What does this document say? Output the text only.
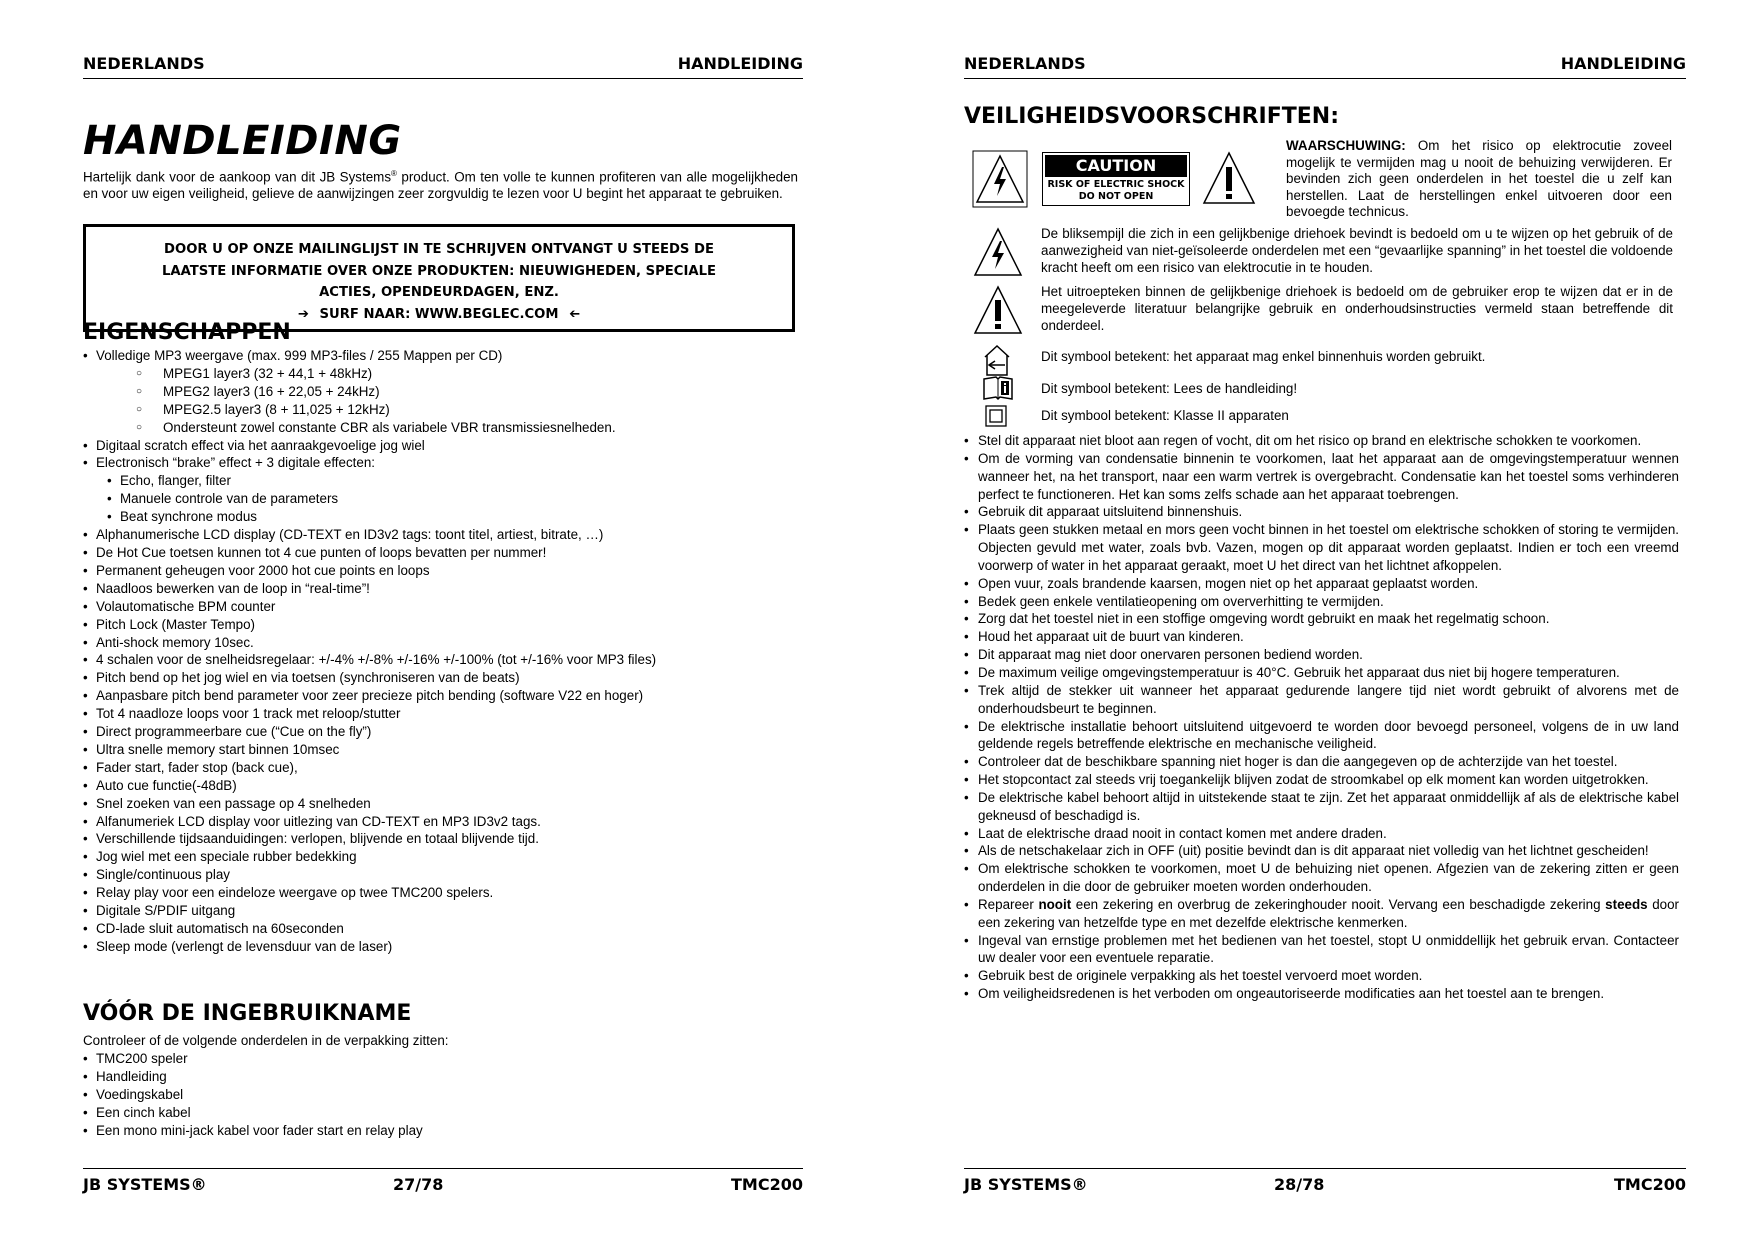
NEDERLANDS	HANDLEIDING
HANDLEIDING
Hartelijk dank voor de aankoop van dit JB Systems® product. Om ten volle te kunnen profiteren van alle mogelijkheden en voor uw eigen veiligheid, gelieve de aanwijzingen zeer zorgvuldig te lezen voor U begint het apparaat te gebruiken.
DOOR U OP ONZE MAILINGLIJST IN TE SCHRIJVEN ONTVANGT U STEEDS DE
LAATSTE INFORMATIE OVER ONZE PRODUKTEN: NIEUWIGHEDEN, SPECIALE
ACTIES, OPENDEURDAGEN, ENZ.
➔ SURF NAAR: WWW.BEGLEC.COM ➔
EIGENSCHAPPEN
• Volledige MP3 weergave (max. 999 MP3-files / 255 Mappen per CD)
○ MPEG1 layer3 (32 + 44,1 + 48kHz)
○ MPEG2 layer3 (16 + 22,05 + 24kHz)
○ MPEG2.5 layer3 (8 + 11,025 + 12kHz)
○ Ondersteunt zowel constante CBR als variabele VBR transmissiesnelheden.
• Digitaal scratch effect via het aanraakgevoelige jog wiel
• Electronisch “brake” effect + 3 digitale effecten:
• Echo, flanger, filter
• Manuele controle van de parameters
• Beat synchrone modus
• Alphanumerische LCD display (CD-TEXT en ID3v2 tags: toont titel, artiest, bitrate, …)
• De Hot Cue toetsen kunnen tot 4 cue punten of loops bevatten per nummer!
• Permanent geheugen voor 2000 hot cue points en loops
• Naadloos bewerken van de loop in “real-time”!
• Volautomatische BPM counter
• Pitch Lock (Master Tempo)
• Anti-shock memory 10sec.
• 4 schalen voor de snelheidsregelaar: +/-4% +/-8% +/-16% +/-100% (tot +/-16% voor MP3 files)
• Pitch bend op het jog wiel en via toetsen (synchroniseren van de beats)
• Aanpasbare pitch bend parameter voor zeer precieze pitch bending (software V22 en hoger)
• Tot 4 naadloze loops voor 1 track met reloop/stutter
• Direct programmeerbare cue (“Cue on the fly”)
• Ultra snelle memory start binnen 10msec
• Fader start, fader stop (back cue),
• Auto cue functie(-48dB)
• Snel zoeken van een passage op 4 snelheden
• Alfanumeriek LCD display voor uitlezing van CD-TEXT en MP3 ID3v2 tags.
• Verschillende tijdsaanduidingen: verlopen, blijvende en totaal blijvende tijd.
• Jog wiel met een speciale rubber bedekking
• Single/continuous play
• Relay play voor een eindeloze weergave op twee TMC200 spelers.
• Digitale S/PDIF uitgang
• CD-lade sluit automatisch na 60seconden
• Sleep mode (verlengt de levensduur van de laser)
VÓÓR DE INGEBRUIKNAME
Controleer of de volgende onderdelen in de verpakking zitten:
• TMC200 speler
• Handleiding
• Voedingskabel
• Een cinch kabel
• Een mono mini-jack kabel voor fader start en relay play
JB SYSTEMS®	27/78	TMC200
NEDERLANDS	HANDLEIDING
VEILIGHEIDSVOORSCHRIFTEN:
CAUTION
RISK OF ELECTRIC SHOCK
DO NOT OPEN
WAARSCHUWING: Om het risico op elektrocutie zoveel mogelijk te vermijden mag u nooit de behuizing verwijderen. Er bevinden zich geen onderdelen in het toestel die u zelf kan herstellen. Laat de herstellingen enkel uitvoeren door een bevoegde technicus.
De bliksempijl die zich in een gelijkbenige driehoek bevindt is bedoeld om u te wijzen op het gebruik of de aanwezigheid van niet-geïsoleerde onderdelen met een “gevaarlijke spanning” in het toestel die voldoende kracht heeft om een risico van elektrocutie in te houden.
Het uitroepteken binnen de gelijkbenige driehoek is bedoeld om de gebruiker erop te wijzen dat er in de meegeleverde literatuur belangrijke gebruik en onderhoudsinstructies vermeld staan betreffende dit onderdeel.
Dit symbool betekent: het apparaat mag enkel binnenhuis worden gebruikt.
Dit symbool betekent: Lees de handleiding!
Dit symbool betekent: Klasse II apparaten
• Stel dit apparaat niet bloot aan regen of vocht, dit om het risico op brand en elektrische schokken te voorkomen.
• Om de vorming van condensatie binnenin te voorkomen, laat het apparaat aan de omgevingstemperatuur wennen wanneer het, na het transport, naar een warm vertrek is overgebracht. Condensatie kan het toestel soms verhinderen perfect te functioneren. Het kan soms zelfs schade aan het apparaat toebrengen.
• Gebruik dit apparaat uitsluitend binnenshuis.
• Plaats geen stukken metaal en mors geen vocht binnen in het toestel om elektrische schokken of storing te vermijden. Objecten gevuld met water, zoals bvb. Vazen, mogen op dit apparaat worden geplaatst. Indien er toch een vreemd voorwerp of water in het apparaat geraakt, moet U het direct van het lichtnet afkoppelen.
• Open vuur, zoals brandende kaarsen, mogen niet op het apparaat geplaatst worden.
• Bedek geen enkele ventilatieopening om oververhitting te vermijden.
• Zorg dat het toestel niet in een stoffige omgeving wordt gebruikt en maak het regelmatig schoon.
• Houd het apparaat uit de buurt van kinderen.
• Dit apparaat mag niet door onervaren personen bediend worden.
• De maximum veilige omgevingstemperatuur is 40°C. Gebruik het apparaat dus niet bij hogere temperaturen.
• Trek altijd de stekker uit wanneer het apparaat gedurende langere tijd niet wordt gebruikt of alvorens met de onderhoudsbeurt te beginnen.
• De elektrische installatie behoort uitsluitend uitgevoerd te worden door bevoegd personeel, volgens de in uw land geldende regels betreffende elektrische en mechanische veiligheid.
• Controleer dat de beschikbare spanning niet hoger is dan die aangegeven op de achterzijde van het toestel.
• Het stopcontact zal steeds vrij toegankelijk blijven zodat de stroomkabel op elk moment kan worden uitgetrokken.
• De elektrische kabel behoort altijd in uitstekende staat te zijn. Zet het apparaat onmiddellijk af als de elektrische kabel gekneusd of beschadigd is.
• Laat de elektrische draad nooit in contact komen met andere draden.
• Als de netschakelaar zich in OFF (uit) positie bevindt dan is dit apparaat niet volledig van het lichtnet gescheiden!
• Om elektrische schokken te voorkomen, moet U de behuizing niet openen. Afgezien van de zekering zitten er geen onderdelen in die door de gebruiker moeten worden onderhouden.
• Repareer nooit een zekering en overbrug de zekeringhouder nooit. Vervang een beschadigde zekering steeds door een zekering van hetzelfde type en met dezelfde elektrische kenmerken.
• Ingeval van ernstige problemen met het bedienen van het toestel, stopt U onmiddellijk het gebruik ervan. Contacteer uw dealer voor een eventuele reparatie.
• Gebruik best de originele verpakking als het toestel vervoerd moet worden.
• Om veiligheidsredenen is het verboden om ongeautoriseerde modificaties aan het toestel aan te brengen.
JB SYSTEMS®	28/78	TMC200
